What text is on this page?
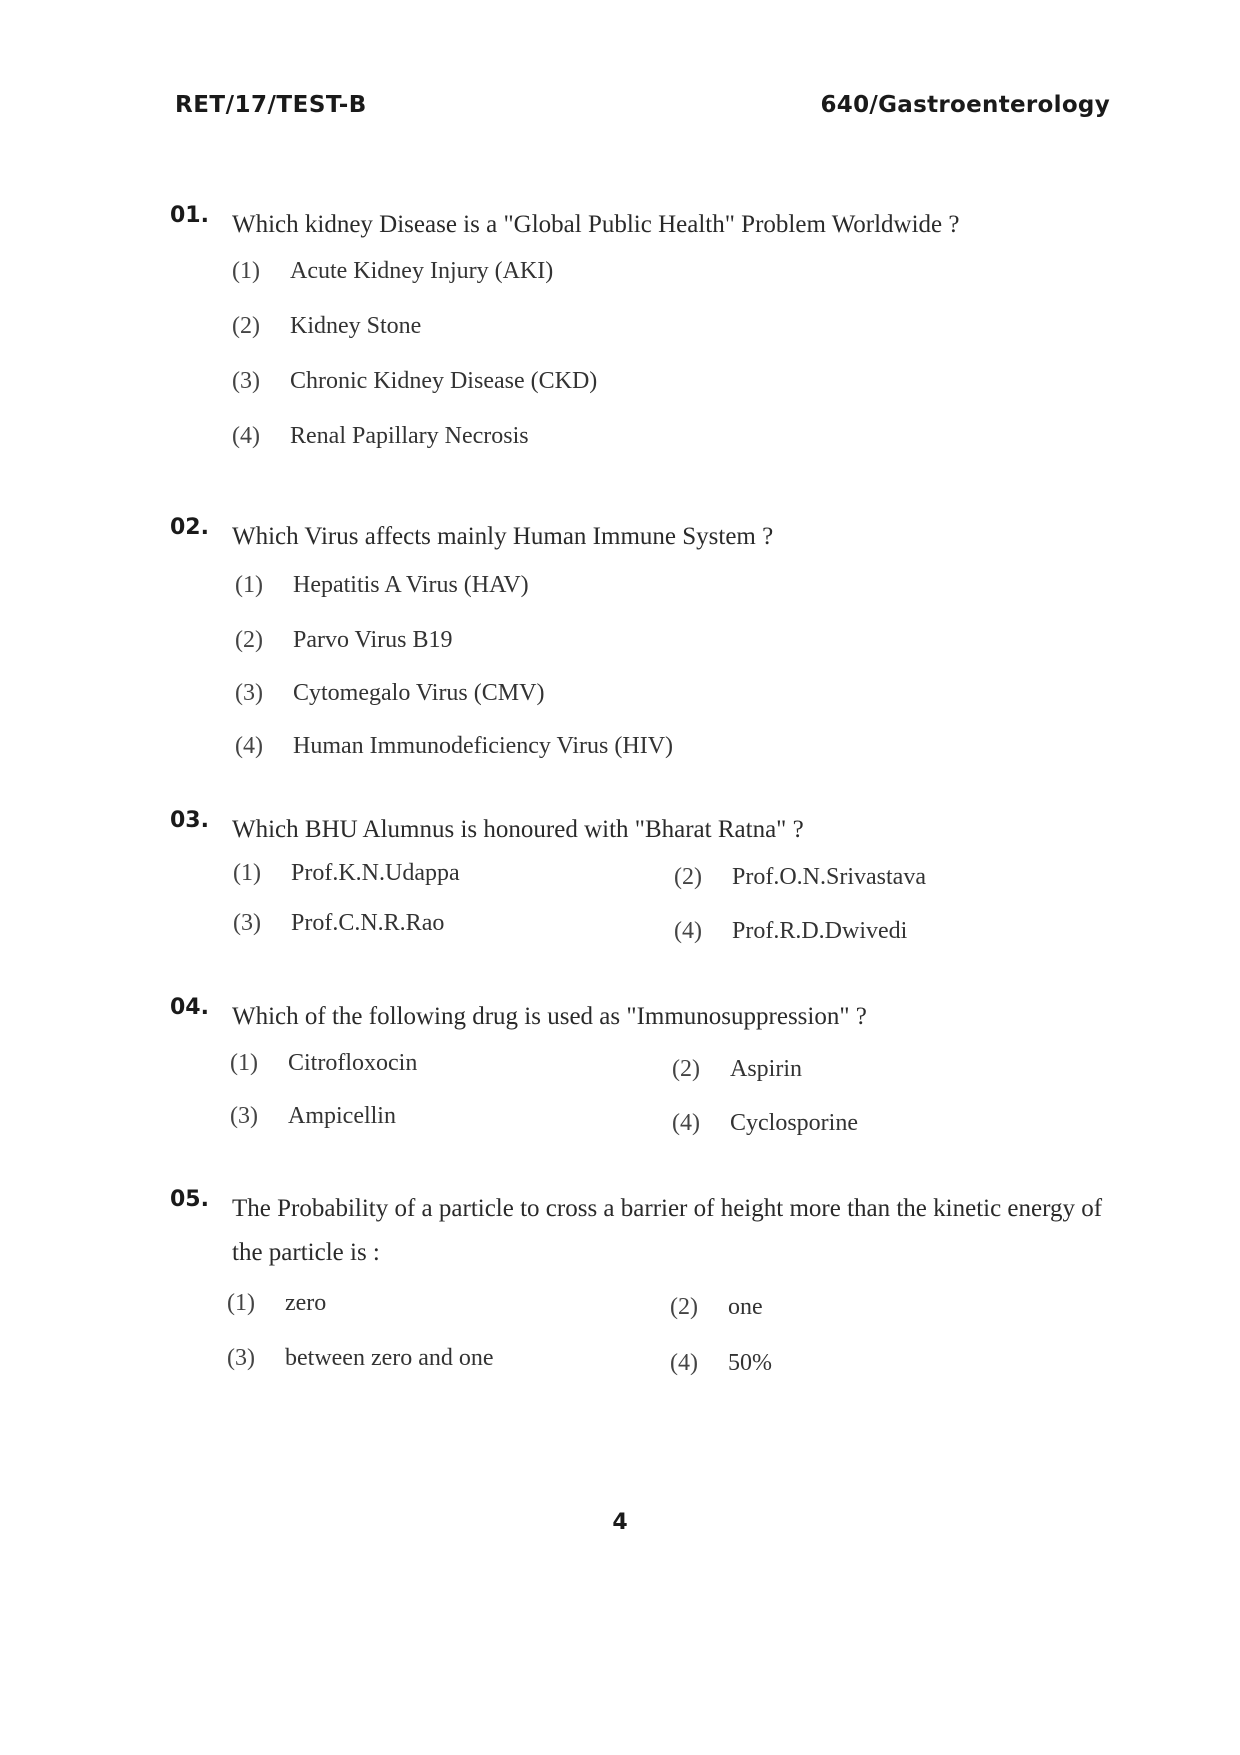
RET/17/TEST-B	640/Gastroenterology
01. Which kidney Disease is a "Global Public Health" Problem Worldwide ?
(1) Acute Kidney Injury (AKI)
(2) Kidney Stone
(3) Chronic Kidney Disease (CKD)
(4) Renal Papillary Necrosis
02. Which Virus affects mainly Human Immune System ?
(1) Hepatitis A Virus (HAV)
(2) Parvo Virus B19
(3) Cytomegalo Virus (CMV)
(4) Human Immunodeficiency Virus (HIV)
03. Which BHU Alumnus is honoured with "Bharat Ratna" ?
(1) Prof.K.N.Udappa	(2) Prof.O.N.Srivastava
(3) Prof.C.N.R.Rao	(4) Prof.R.D.Dwivedi
04. Which of the following drug is used as "Immunosuppression" ?
(1) Citrofloxocin	(2) Aspirin
(3) Ampicellin	(4) Cyclosporine
05. The Probability of a particle to cross a barrier of height more than the kinetic energy of the particle is :
(1) zero	(2) one
(3) between zero and one	(4) 50%
4
